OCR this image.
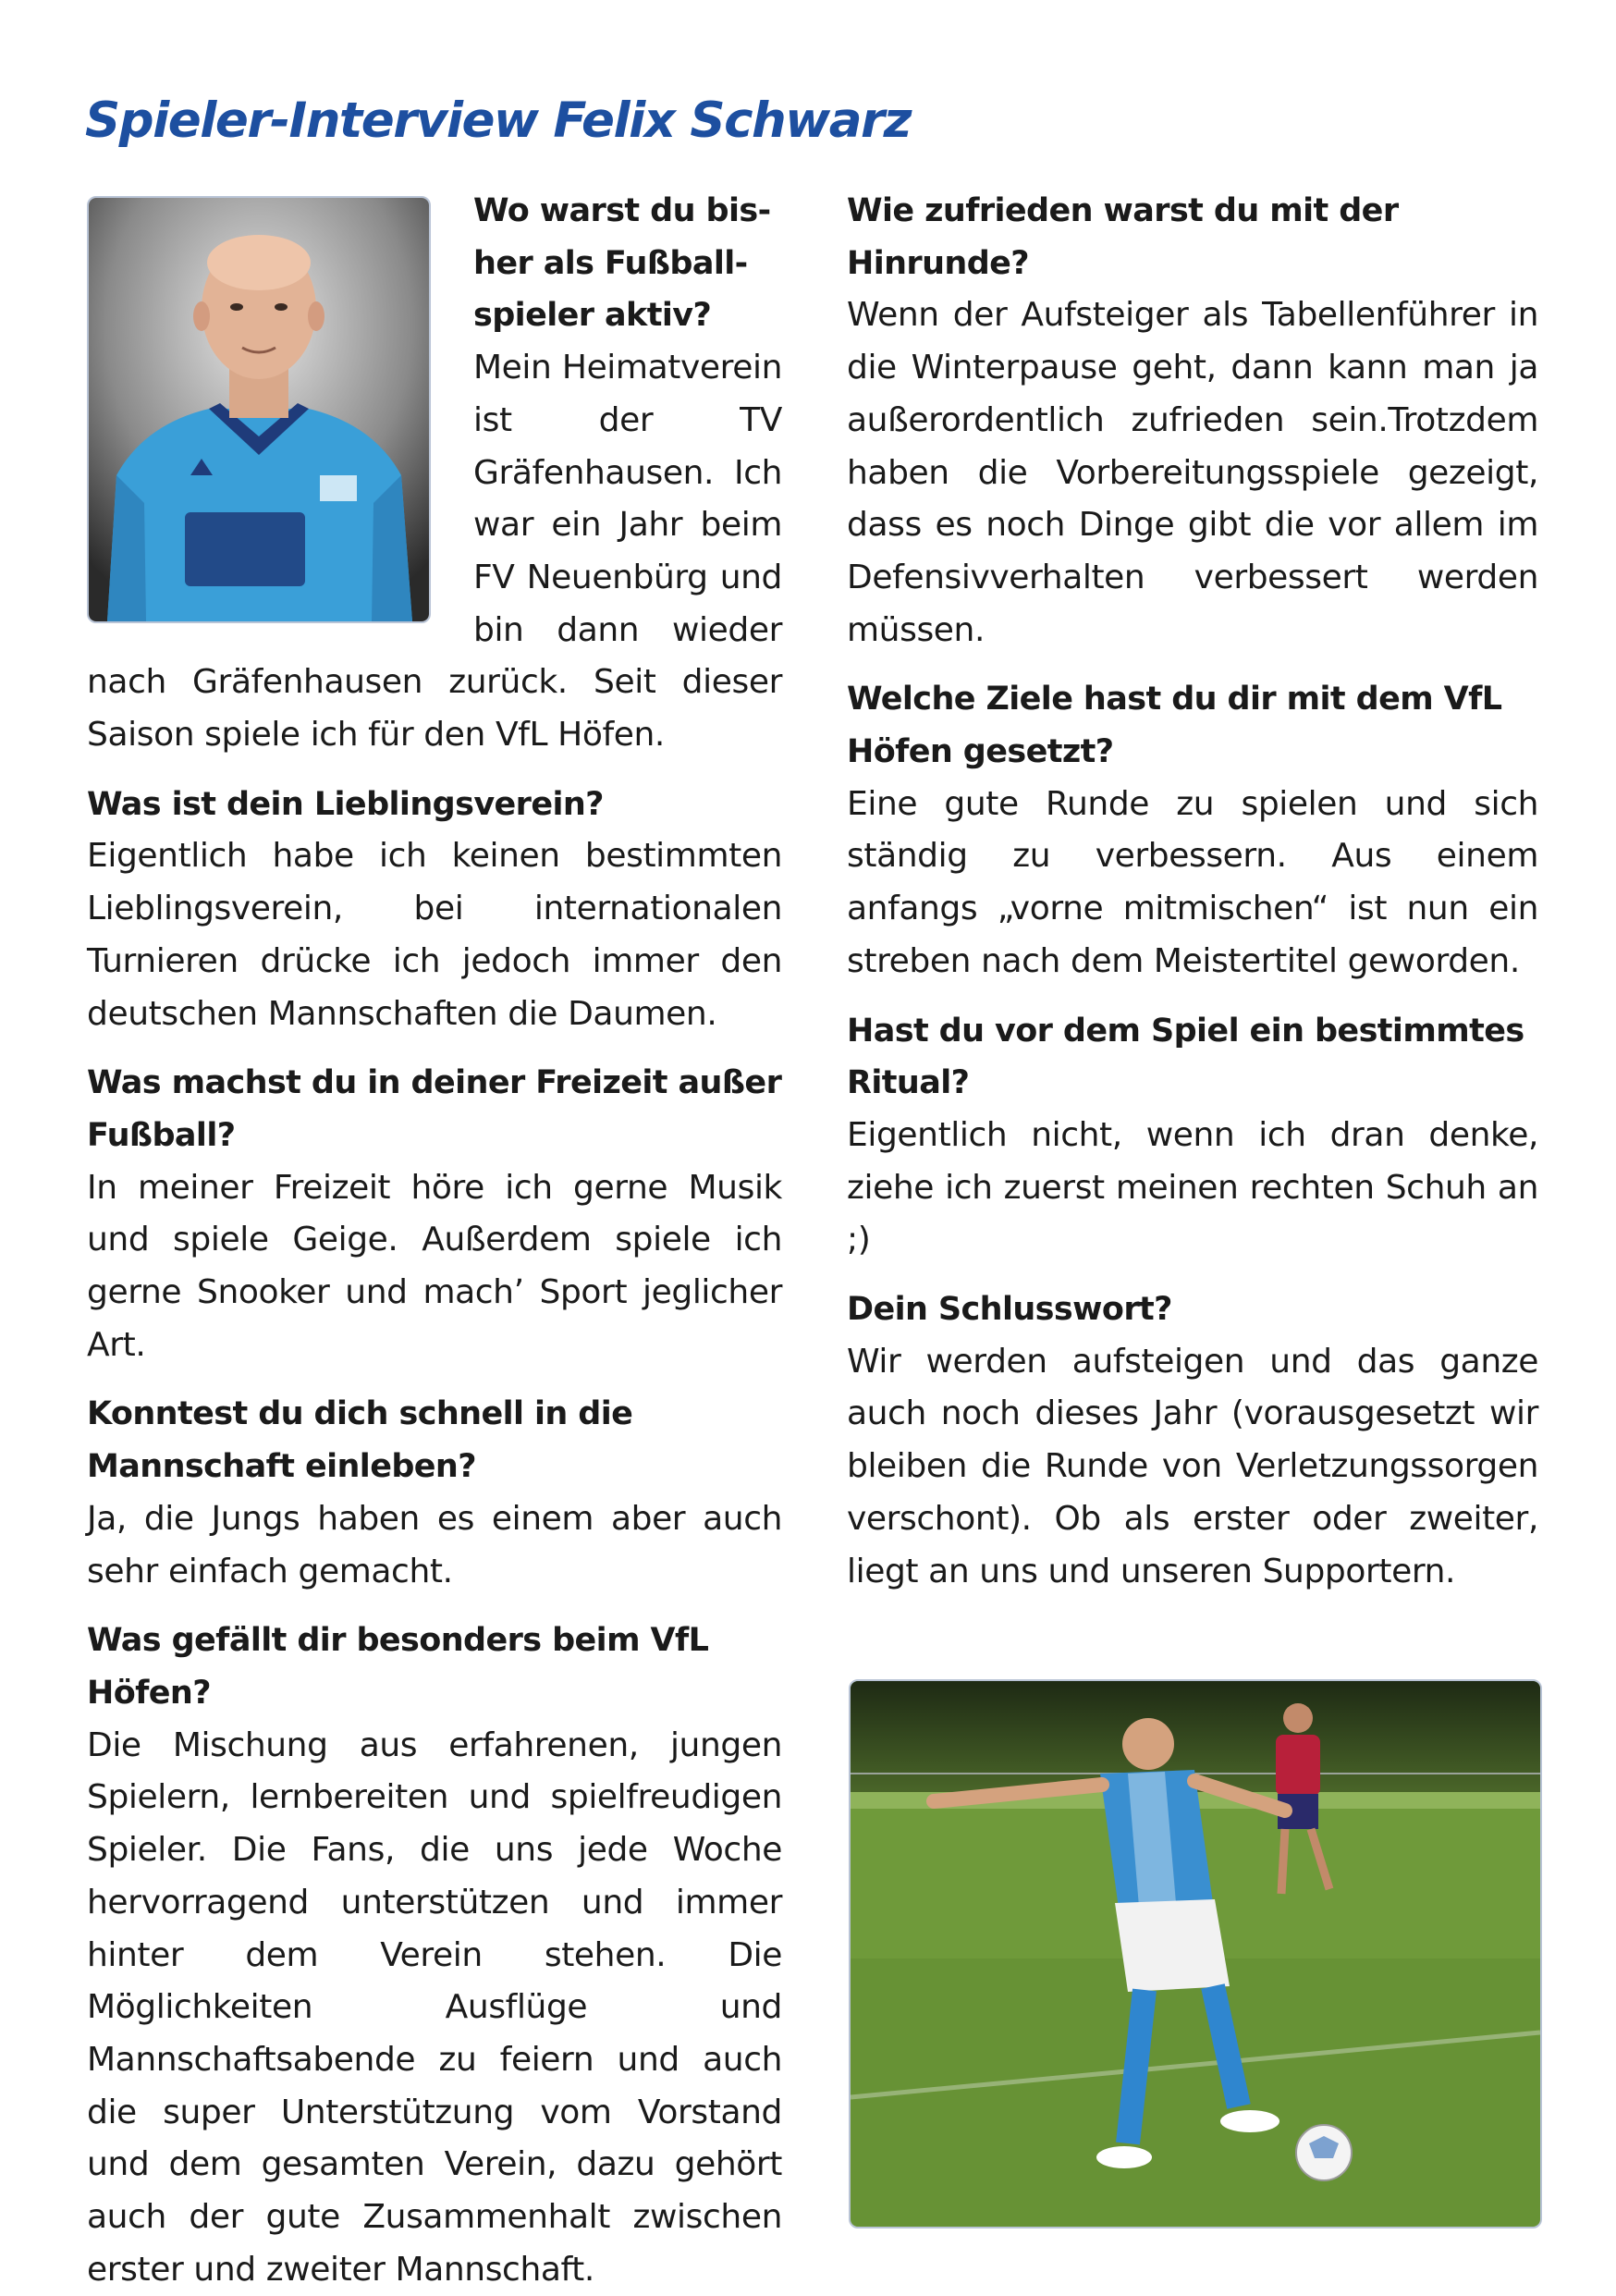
Spieler-Interview Felix Schwarz

Wo warst du bis-her als Fußball-spieler aktiv?

Mein Heimatverein ist der TV Gräfenhausen. Ich war ein Jahr beim FV Neuenbürg und bin dann wieder nach Gräfenhausen zurück. Seit dieser Saison spiele ich für den VfL Höfen.

Was ist dein Lieblingsverein?

Eigentlich habe ich keinen bestimmten Lieblingsverein, bei internationalen Turnieren drücke ich jedoch immer den deutschen Mannschaften die Daumen.

Was machst du in deiner Freizeit außer Fußball?

In meiner Freizeit höre ich gerne Musik und spiele Geige. Außerdem spiele ich gerne Snooker und mach’ Sport jeglicher Art.

Konntest du dich schnell in die Mannschaft einleben?

Ja, die Jungs haben es einem aber auch sehr einfach gemacht.

Was gefällt dir besonders beim VfL Höfen?

Die Mischung aus erfahrenen, jungen Spielern, lernbereiten und spielfreudigen Spieler. Die Fans, die uns jede Woche hervorragend unterstützen und immer hinter dem Verein stehen. Die Möglichkeiten Ausflüge und Mannschaftsabende zu feiern und auch die super Unterstützung vom Vorstand und dem gesamten Verein, dazu gehört auch der gute Zusammenhalt zwischen erster und zweiter Mannschaft.

Wie zufrieden warst du mit der Hinrunde?

Wenn der Aufsteiger als Tabellenführer in die Winterpause geht, dann kann man ja außerordentlich zufrieden sein.Trotzdem haben die Vorbereitungsspiele gezeigt, dass es noch Dinge gibt die vor allem im Defensivverhalten verbessert werden müssen.

Welche Ziele hast du dir mit dem VfL Höfen gesetzt?

Eine gute Runde zu spielen und sich ständig zu verbessern. Aus einem anfangs „vorne mitmischen“ ist nun ein streben nach dem Meistertitel geworden.

Hast du vor dem Spiel ein bestimmtes Ritual?

Eigentlich nicht, wenn ich dran denke, ziehe ich zuerst meinen rechten Schuh an ;)

Dein Schlusswort?

Wir werden aufsteigen und das ganze auch noch dieses Jahr (vorausgesetzt wir bleiben die Runde von Verletzungssorgen verschont). Ob als erster oder zweiter, liegt an uns und unseren Supportern.
